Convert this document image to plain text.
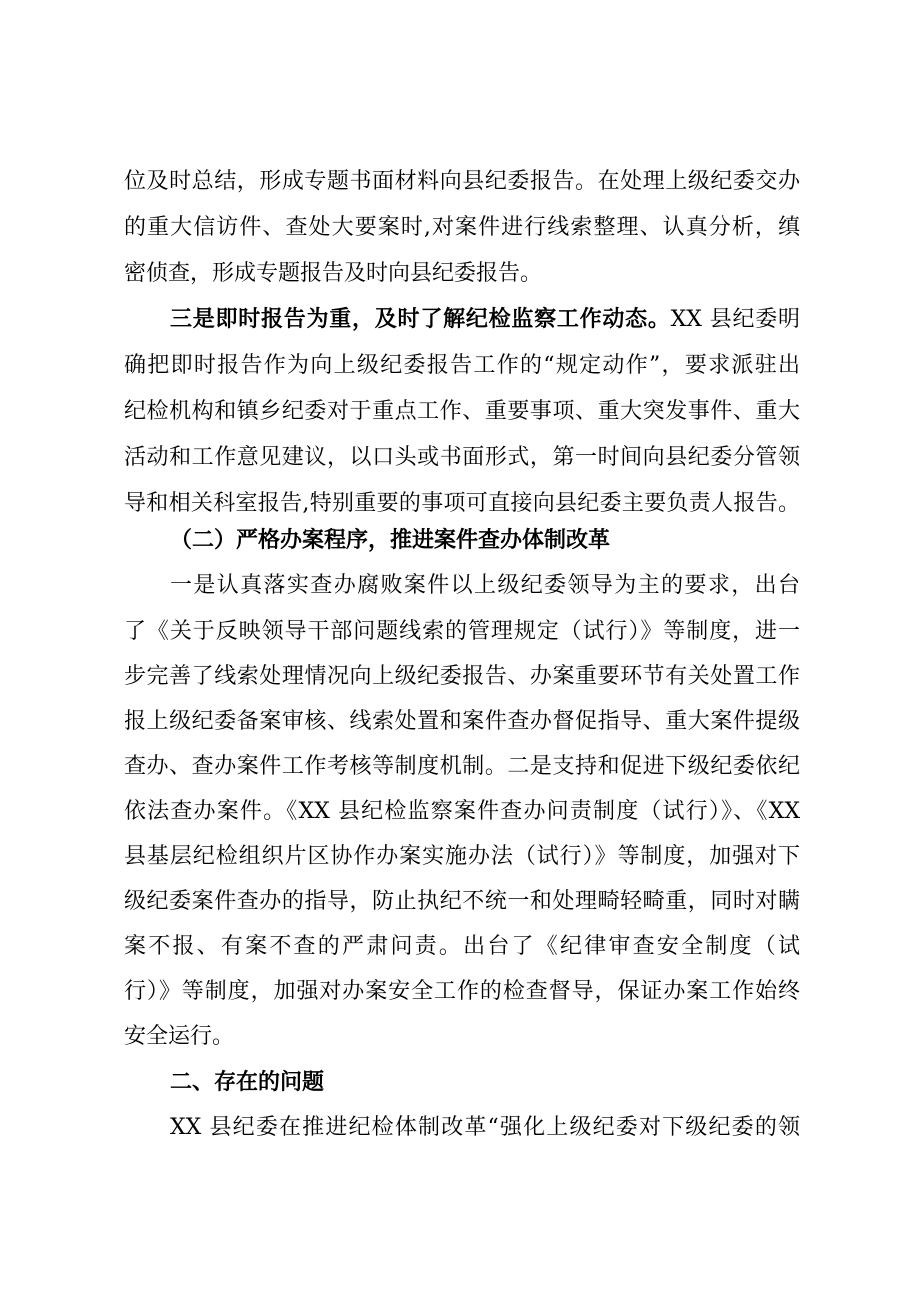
位及时总结，形成专题书面材料向县纪委报告。在处理上级纪委交办
的重大信访件、查处大要案时,对案件进行线索整理、认真分析，缜
密侦查，形成专题报告及时向县纪委报告。
三是即时报告为重，及时了解纪检监察工作动态。XX 县纪委明
确把即时报告作为向上级纪委报告工作的“规定动作”，要求派驻出
纪检机构和镇乡纪委对于重点工作、重要事项、重大突发事件、重大
活动和工作意见建议，以口头或书面形式，第一时间向县纪委分管领
导和相关科室报告,特别重要的事项可直接向县纪委主要负责人报告。
（二）严格办案程序，推进案件查办体制改革
一是认真落实查办腐败案件以上级纪委领导为主的要求，出台
了《关于反映领导干部问题线索的管理规定（试行）》等制度，进一
步完善了线索处理情况向上级纪委报告、办案重要环节有关处置工作
报上级纪委备案审核、线索处置和案件查办督促指导、重大案件提级
查办、查办案件工作考核等制度机制。二是支持和促进下级纪委依纪
依法查办案件。《XX 县纪检监察案件查办问责制度（试行）》、《XX
县基层纪检组织片区协作办案实施办法（试行）》等制度，加强对下
级纪委案件查办的指导，防止执纪不统一和处理畸轻畸重，同时对瞒
案不报、有案不查的严肃问责。出台了《纪律审查安全制度（试
行）》等制度，加强对办案安全工作的检查督导，保证办案工作始终
安全运行。
二、存在的问题
XX 县纪委在推进纪检体制改革“强化上级纪委对下级纪委的领
